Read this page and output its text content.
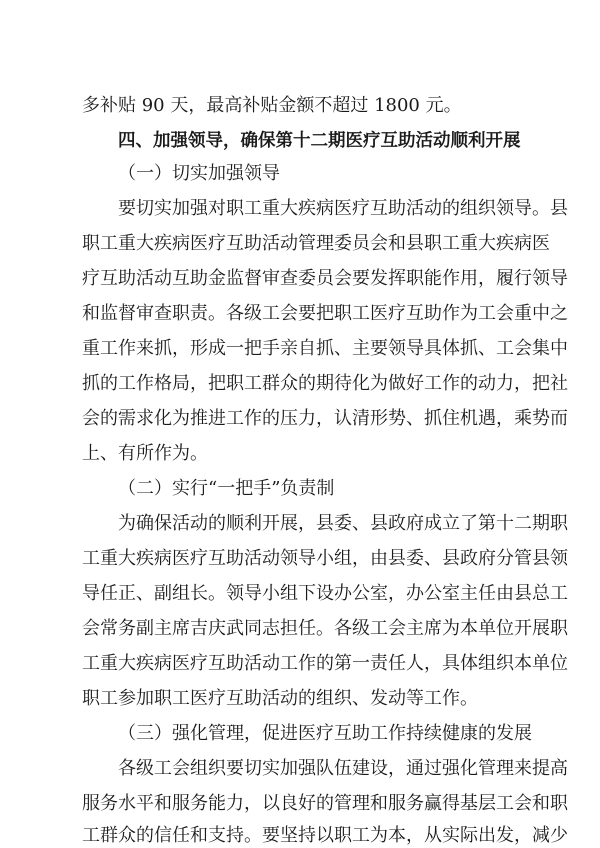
多补贴 90 天，最高补贴金额不超过 1800 元。
四、加强领导，确保第十二期医疗互助活动顺利开展
（一）切实加强领导
要切实加强对职工重大疾病医疗互助活动的组织领导。县
职工重大疾病医疗互助活动管理委员会和县职工重大疾病医
疗互助活动互助金监督审查委员会要发挥职能作用，履行领导
和监督审查职责。各级工会要把职工医疗互助作为工会重中之
重工作来抓，形成一把手亲自抓、主要领导具体抓、工会集中
抓的工作格局，把职工群众的期待化为做好工作的动力，把社
会的需求化为推进工作的压力，认清形势、抓住机遇，乘势而
上、有所作为。
（二）实行“一把手”负责制
为确保活动的顺利开展，县委、县政府成立了第十二期职
工重大疾病医疗互助活动领导小组，由县委、县政府分管县领
导任正、副组长。领导小组下设办公室，办公室主任由县总工
会常务副主席吉庆武同志担任。各级工会主席为本单位开展职
工重大疾病医疗互助活动工作的第一责任人，具体组织本单位
职工参加职工医疗互助活动的组织、发动等工作。
（三）强化管理，促进医疗互助工作持续健康的发展
各级工会组织要切实加强队伍建设，通过强化管理来提高
服务水平和服务能力，以良好的管理和服务赢得基层工会和职
工群众的信任和支持。要坚持以职工为本，从实际出发，减少
